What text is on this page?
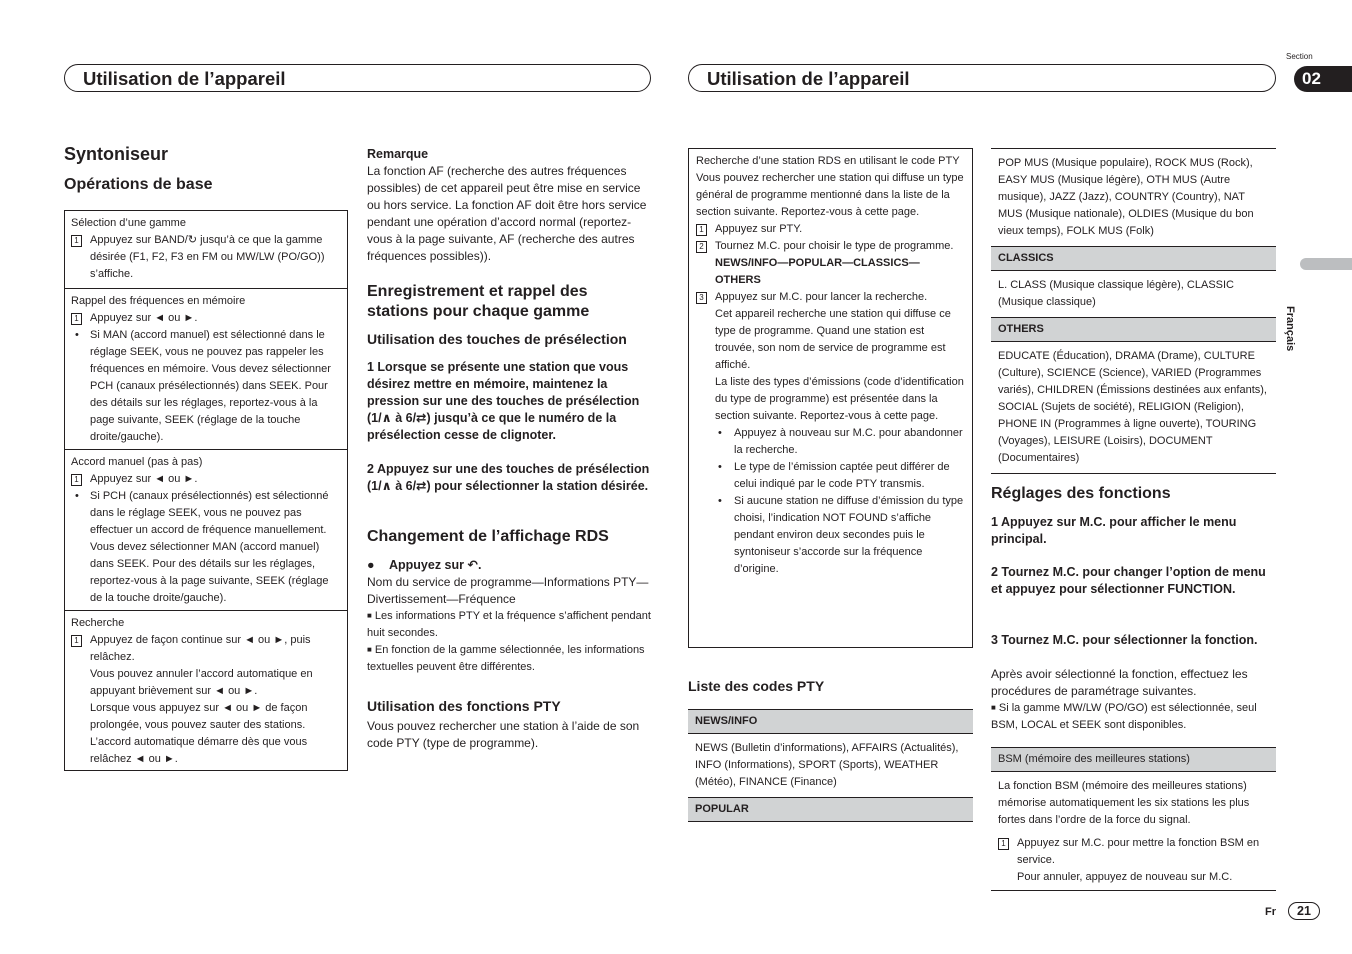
Utilisation de l’appareil	Utilisation de l’appareil
Section
02
Français
Syntoniseur
Opérations de base
Sélection d’une gamme
1 Appuyez sur BAND/↻ jusqu’à ce que la gamme désirée (F1, F2, F3 en FM ou MW/LW (PO/GO)) s’affiche.
Rappel des fréquences en mémoire
1 Appuyez sur ◄ ou ►.
• Si MAN (accord manuel) est sélectionné dans le réglage SEEK, vous ne pouvez pas rappeler les fréquences en mémoire. Vous devez sélectionner PCH (canaux présélectionnés) dans SEEK. Pour des détails sur les réglages, reportez-vous à la page suivante, SEEK (réglage de la touche droite/gauche).
Accord manuel (pas à pas)
1 Appuyez sur ◄ ou ►.
• Si PCH (canaux présélectionnés) est sélectionné dans le réglage SEEK, vous ne pouvez pas effectuer un accord de fréquence manuellement. Vous devez sélectionner MAN (accord manuel) dans SEEK. Pour des détails sur les réglages, reportez-vous à la page suivante, SEEK (réglage de la touche droite/gauche).
Recherche
1 Appuyez de façon continue sur ◄ ou ►, puis relâchez.
Vous pouvez annuler l’accord automatique en appuyant brièvement sur ◄ ou ►.
Lorsque vous appuyez sur ◄ ou ► de façon prolongée, vous pouvez sauter des stations. L’accord automatique démarre dès que vous relâchez ◄ ou ►.
Remarque
La fonction AF (recherche des autres fréquences possibles) de cet appareil peut être mise en service ou hors service. La fonction AF doit être hors service pendant une opération d’accord normal (reportez-vous à la page suivante, AF (recherche des autres fréquences possibles)).
Enregistrement et rappel des stations pour chaque gamme
Utilisation des touches de présélection
1 Lorsque se présente une station que vous désirez mettre en mémoire, maintenez la pression sur une des touches de présélection (1/∧ à 6/⇄) jusqu’à ce que le numéro de la présélection cesse de clignoter.
2 Appuyez sur une des touches de présélection (1/∧ à 6/⇄) pour sélectionner la station désirée.
Changement de l’affichage RDS
● Appuyez sur ↶.
Nom du service de programme—Informations PTY—Divertissement—Fréquence
■ Les informations PTY et la fréquence s’affichent pendant huit secondes.
■ En fonction de la gamme sélectionnée, les informations textuelles peuvent être différentes.
Utilisation des fonctions PTY
Vous pouvez rechercher une station à l’aide de son code PTY (type de programme).
Recherche d’une station RDS en utilisant le code PTY
Vous pouvez rechercher une station qui diffuse un type général de programme mentionné dans la liste de la section suivante. Reportez-vous à cette page.
1 Appuyez sur PTY.
2 Tournez M.C. pour choisir le type de programme.
NEWS/INFO—POPULAR—CLASSICS—OTHERS
3 Appuyez sur M.C. pour lancer la recherche.
Cet appareil recherche une station qui diffuse ce type de programme. Quand une station est trouvée, son nom de service de programme est affiché.
La liste des types d’émissions (code d’identification du type de programme) est présentée dans la section suivante. Reportez-vous à cette page.
• Appuyez à nouveau sur M.C. pour abandonner la recherche.
• Le type de l’émission captée peut différer de celui indiqué par le code PTY transmis.
• Si aucune station ne diffuse d’émission du type choisi, l’indication NOT FOUND s’affiche pendant environ deux secondes puis le syntoniseur s’accorde sur la fréquence d’origine.
Liste des codes PTY
NEWS/INFO
NEWS (Bulletin d’informations), AFFAIRS (Actualités), INFO (Informations), SPORT (Sports), WEATHER (Météo), FINANCE (Finance)
POPULAR
POP MUS (Musique populaire), ROCK MUS (Rock), EASY MUS (Musique légère), OTH MUS (Autre musique), JAZZ (Jazz), COUNTRY (Country), NAT MUS (Musique nationale), OLDIES (Musique du bon vieux temps), FOLK MUS (Folk)
CLASSICS
L. CLASS (Musique classique légère), CLASSIC (Musique classique)
OTHERS
EDUCATE (Éducation), DRAMA (Drame), CULTURE (Culture), SCIENCE (Science), VARIED (Programmes variés), CHILDREN (Émissions destinées aux enfants), SOCIAL (Sujets de société), RELIGION (Religion), PHONE IN (Programmes à ligne ouverte), TOURING (Voyages), LEISURE (Loisirs), DOCUMENT (Documentaires)
Réglages des fonctions
1 Appuyez sur M.C. pour afficher le menu principal.
2 Tournez M.C. pour changer l’option de menu et appuyez pour sélectionner FUNCTION.
3 Tournez M.C. pour sélectionner la fonction.
Après avoir sélectionné la fonction, effectuez les procédures de paramétrage suivantes.
■ Si la gamme MW/LW (PO/GO) est sélectionnée, seul BSM, LOCAL et SEEK sont disponibles.
BSM (mémoire des meilleures stations)
La fonction BSM (mémoire des meilleures stations) mémorise automatiquement les six stations les plus fortes dans l’ordre de la force du signal.
1 Appuyez sur M.C. pour mettre la fonction BSM en service.
Pour annuler, appuyez de nouveau sur M.C.
Fr	21
